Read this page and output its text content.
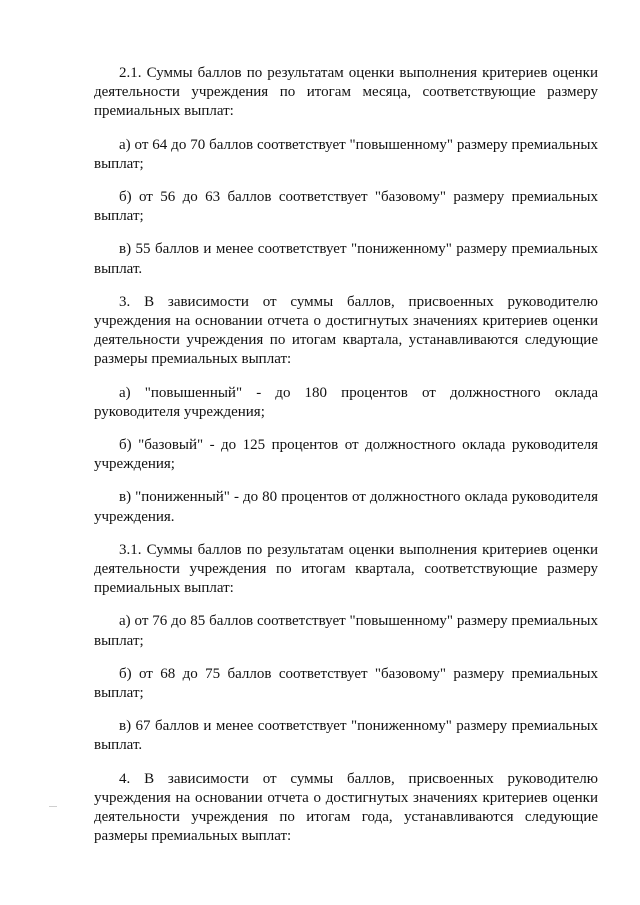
2.1. Суммы баллов по результатам оценки выполнения критериев оценки деятельности учреждения по итогам месяца, соответствующие размеру премиальных выплат:

а) от 64 до 70 баллов соответствует "повышенному" размеру премиальных выплат;

б) от 56 до 63 баллов соответствует "базовому" размеру премиальных выплат;

в) 55 баллов и менее соответствует "пониженному" размеру премиальных выплат.

3. В зависимости от суммы баллов, присвоенных руководителю учреждения на основании отчета о достигнутых значениях критериев оценки деятельности учреждения по итогам квартала, устанавливаются следующие размеры премиальных выплат:

а) "повышенный" - до 180 процентов от должностного оклада руководителя учреждения;

б) "базовый" - до 125 процентов от должностного оклада руководителя учреждения;

в) "пониженный" - до 80 процентов от должностного оклада руководителя учреждения.

3.1. Суммы баллов по результатам оценки выполнения критериев оценки деятельности учреждения по итогам квартала, соответствующие размеру премиальных выплат:

а) от 76 до 85 баллов соответствует "повышенному" размеру премиальных выплат;

б) от 68 до 75 баллов соответствует "базовому" размеру премиальных выплат;

в) 67 баллов и менее соответствует "пониженному" размеру премиальных выплат.

4. В зависимости от суммы баллов, присвоенных руководителю учреждения на основании отчета о достигнутых значениях критериев оценки деятельности учреждения по итогам года, устанавливаются следующие размеры премиальных выплат:
